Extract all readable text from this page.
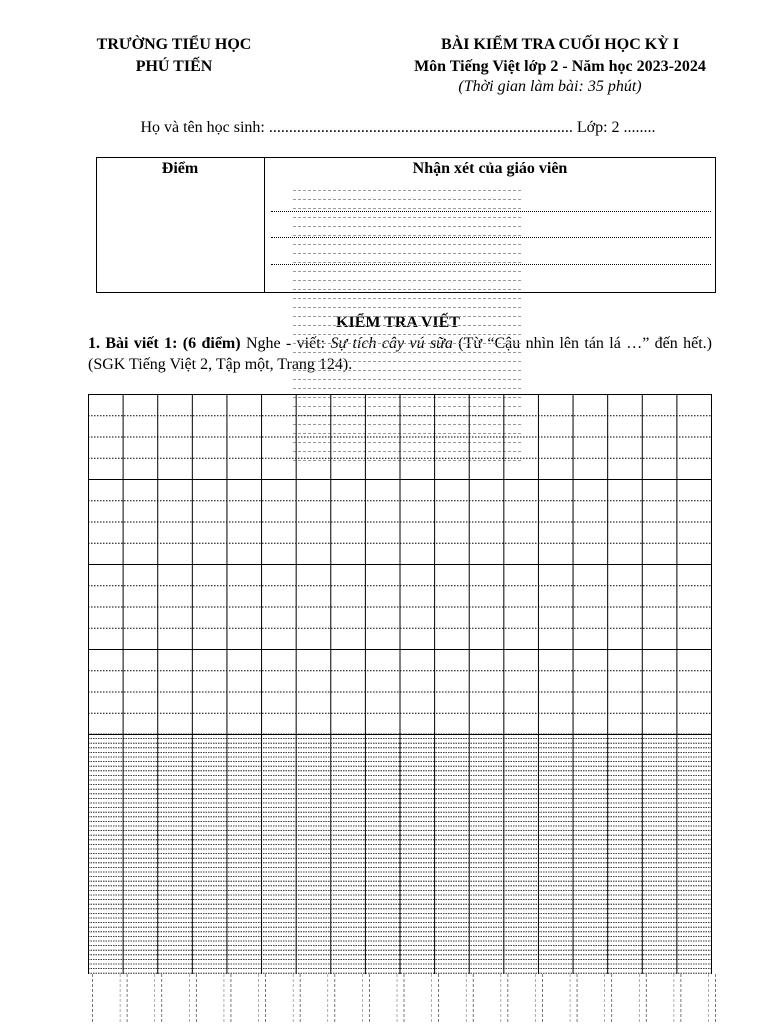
TRƯỜNG TIỂU HỌC
PHÚ TIẾN
BÀI KIỂM TRA CUỐI HỌC KỲ I
Môn Tiếng Việt lớp 2 - Năm học 2023-2024
(Thời gian làm bài: 35 phút)
Họ và tên học sinh: ............................................................................ Lớp: 2 ........
Điểm	Nhận xét của giáo viên
KIỂM TRA VIẾT
1. Bài viết 1: (6 điểm) Nghe - viết: Sự tích cây vú sữa (Từ “Cậu nhìn lên tán lá …” đến hết.) (SGK Tiếng Việt 2, Tập một, Trang 124).
